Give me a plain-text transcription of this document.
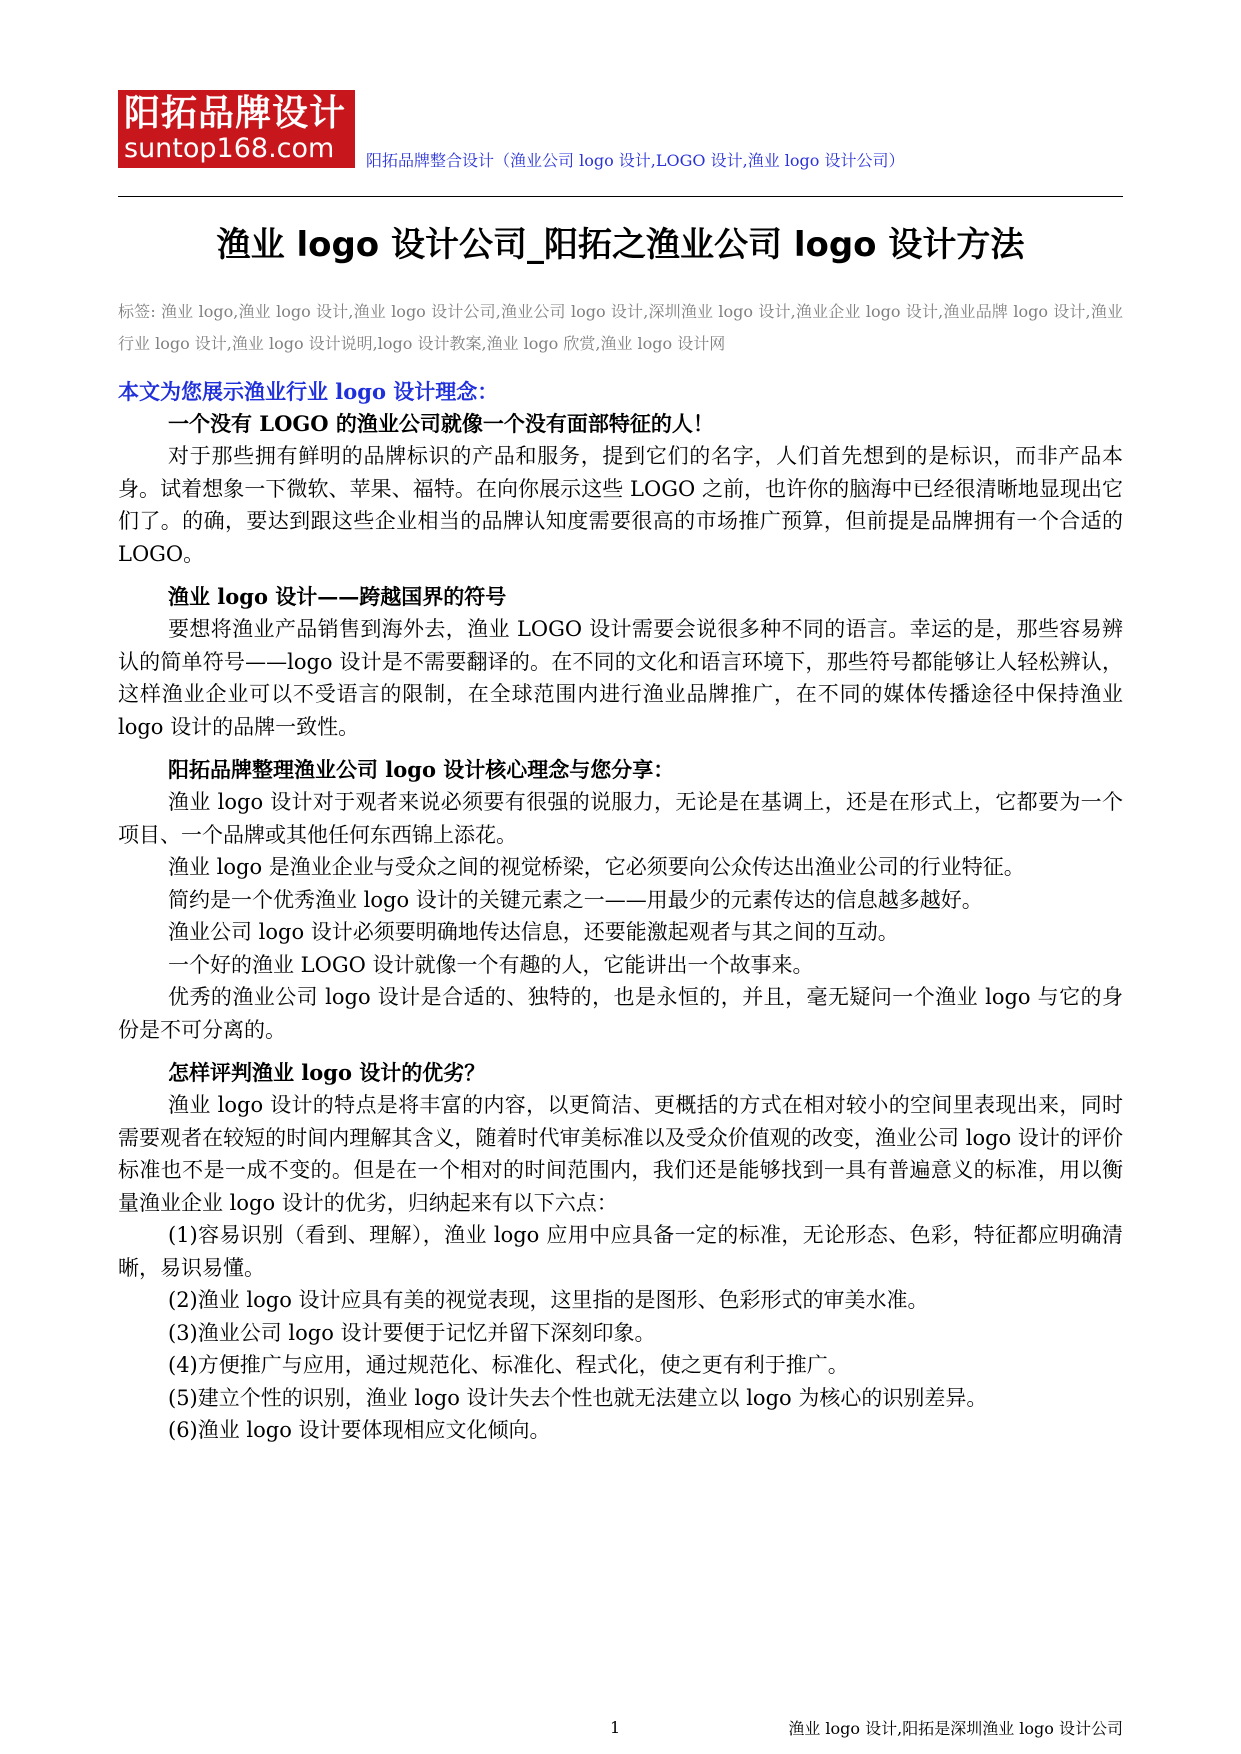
阳拓品牌设计
suntop168.com	阳拓品牌整合设计（渔业公司 logo 设计,LOGO 设计,渔业 logo 设计公司）
渔业 logo 设计公司_阳拓之渔业公司 logo 设计方法
标签: 渔业 logo,渔业 logo 设计,渔业 logo 设计公司,渔业公司 logo 设计,深圳渔业 logo 设计,渔业企业 logo 设计,渔业品牌 logo 设计,渔业行业 logo 设计,渔业 logo 设计说明,logo 设计教案,渔业 logo 欣赏,渔业 logo 设计网
本文为您展示渔业行业 logo 设计理念：
一个没有 LOGO 的渔业公司就像一个没有面部特征的人！
对于那些拥有鲜明的品牌标识的产品和服务，提到它们的名字，人们首先想到的是标识，而非产品本身。试着想象一下微软、苹果、福特。在向你展示这些 LOGO 之前，也许你的脑海中已经很清晰地显现出它们了。的确，要达到跟这些企业相当的品牌认知度需要很高的市场推广预算，但前提是品牌拥有一个合适的 LOGO。
渔业 logo 设计——跨越国界的符号
要想将渔业产品销售到海外去，渔业 LOGO 设计需要会说很多种不同的语言。幸运的是，那些容易辨认的简单符号——logo 设计是不需要翻译的。在不同的文化和语言环境下，那些符号都能够让人轻松辨认，这样渔业企业可以不受语言的限制，在全球范围内进行渔业品牌推广，在不同的媒体传播途径中保持渔业 logo 设计的品牌一致性。
阳拓品牌整理渔业公司 logo 设计核心理念与您分享：
渔业 logo 设计对于观者来说必须要有很强的说服力，无论是在基调上，还是在形式上，它都要为一个项目、一个品牌或其他任何东西锦上添花。
渔业 logo 是渔业企业与受众之间的视觉桥梁，它必须要向公众传达出渔业公司的行业特征。
简约是一个优秀渔业 logo 设计的关键元素之一——用最少的元素传达的信息越多越好。
渔业公司 logo 设计必须要明确地传达信息，还要能激起观者与其之间的互动。
一个好的渔业 LOGO 设计就像一个有趣的人，它能讲出一个故事来。
优秀的渔业公司 logo 设计是合适的、独特的，也是永恒的，并且，毫无疑问一个渔业 logo 与它的身份是不可分离的。
怎样评判渔业 logo 设计的优劣？
渔业 logo 设计的特点是将丰富的内容，以更简洁、更概括的方式在相对较小的空间里表现出来，同时需要观者在较短的时间内理解其含义，随着时代审美标准以及受众价值观的改变，渔业公司 logo 设计的评价标准也不是一成不变的。但是在一个相对的时间范围内，我们还是能够找到一具有普遍意义的标准，用以衡量渔业企业 logo 设计的优劣，归纳起来有以下六点：
(1)容易识别（看到、理解），渔业 logo 应用中应具备一定的标准，无论形态、色彩，特征都应明确清晰，易识易懂。
(2)渔业 logo 设计应具有美的视觉表现，这里指的是图形、色彩形式的审美水准。
(3)渔业公司 logo 设计要便于记忆并留下深刻印象。
(4)方便推广与应用，通过规范化、标准化、程式化，使之更有利于推广。
(5)建立个性的识别，渔业 logo 设计失去个性也就无法建立以 logo 为核心的识别差异。
(6)渔业 logo 设计要体现相应文化倾向。
1	渔业 logo 设计,阳拓是深圳渔业 logo 设计公司
